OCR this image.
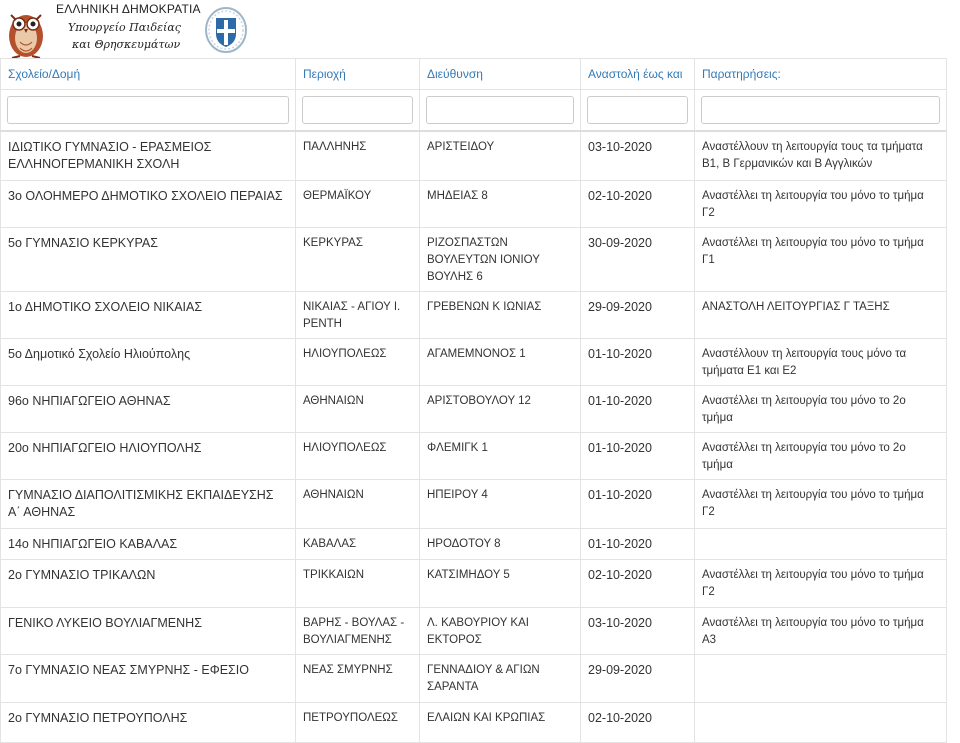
ΕΛΛΗΝΙΚΗ ΔΗΜΟΚΡΑΤΙΑ
Υπουργείο Παιδείας
και Θρησκευμάτων
Σχολείο/Δομή	Περιοχή	Διεύθυνση	Αναστολή έως και	Παρατηρήσεις:

ΙΔΙΩΤΙΚΟ ΓΥΜΝΑΣΙΟ - ΕΡΑΣΜΕΙΟΣ ΕΛΛΗΝΟΓΕΡΜΑΝΙΚΗ ΣΧΟΛΗ	ΠΑΛΛΗΝΗΣ	ΑΡΙΣΤΕΙΔΟΥ	03-10-2020	Αναστέλλουν τη λειτουργία τους τα τμήματα Β1, Β Γερμανικών και Β Αγγλικών
3ο ΟΛΟΗΜΕΡΟ ΔΗΜΟΤΙΚΟ ΣΧΟΛΕΙΟ ΠΕΡΑΙΑΣ	ΘΕΡΜΑΪΚΟΥ	ΜΗΔΕΙΑΣ 8	02-10-2020	Αναστέλλει τη λειτουργία του μόνο το τμήμα Γ2
5ο ΓΥΜΝΑΣΙΟ ΚΕΡΚΥΡΑΣ	ΚΕΡΚΥΡΑΣ	ΡΙΖΟΣΠΑΣΤΩΝ ΒΟΥΛΕΥΤΩΝ ΙΟΝΙΟΥ ΒΟΥΛΗΣ 6	30-09-2020	Αναστέλλει τη λειτουργία του μόνο το τμήμα Γ1
1ο ΔΗΜΟΤΙΚΟ ΣΧΟΛΕΙΟ ΝΙΚΑΙΑΣ	ΝΙΚΑΙΑΣ - ΑΓΙΟΥ Ι. ΡΕΝΤΗ	ΓΡΕΒΕΝΩΝ Κ ΙΩΝΙΑΣ	29-09-2020	ΑΝΑΣΤΟΛΗ ΛΕΙΤΟΥΡΓΙΑΣ Γ ΤΑΞΗΣ
5ο Δημοτικό Σχολείο Ηλιούπολης	ΗΛΙΟΥΠΟΛΕΩΣ	ΑΓΑΜΕΜΝΟΝΟΣ 1	01-10-2020	Αναστέλλουν τη λειτουργία τους μόνο τα τμήματα Ε1 και Ε2
96ο ΝΗΠΙΑΓΩΓΕΙΟ ΑΘΗΝΑΣ	ΑΘΗΝΑΙΩΝ	ΑΡΙΣΤΟΒΟΥΛΟΥ 12	01-10-2020	Αναστέλλει τη λειτουργία του μόνο το 2ο τμήμα
20ο ΝΗΠΙΑΓΩΓΕΙΟ ΗΛΙΟΥΠΟΛΗΣ	ΗΛΙΟΥΠΟΛΕΩΣ	ΦΛΕΜΙΓΚ 1	01-10-2020	Αναστέλλει τη λειτουργία του μόνο το 2ο τμήμα
ΓΥΜΝΑΣΙΟ ΔΙΑΠΟΛΙΤΙΣΜΙΚΗΣ ΕΚΠΑΙΔΕΥΣΗΣ Α΄ ΑΘΗΝΑΣ	ΑΘΗΝΑΙΩΝ	ΗΠΕΙΡΟΥ 4	01-10-2020	Αναστέλλει τη λειτουργία του μόνο το τμήμα Γ2
14ο ΝΗΠΙΑΓΩΓΕΙΟ ΚΑΒΑΛΑΣ	ΚΑΒΑΛΑΣ	ΗΡΟΔΟΤΟΥ 8	01-10-2020	
2ο ΓΥΜΝΑΣΙΟ ΤΡΙΚΑΛΩΝ	ΤΡΙΚΚΑΙΩΝ	ΚΑΤΣΙΜΗΔΟΥ 5	02-10-2020	Αναστέλλει τη λειτουργία του μόνο το τμήμα Γ2
ΓΕΝΙΚΟ ΛΥΚΕΙΟ ΒΟΥΛΙΑΓΜΕΝΗΣ	ΒΑΡΗΣ - ΒΟΥΛΑΣ - ΒΟΥΛΙΑΓΜΕΝΗΣ	Λ. ΚΑΒΟΥΡΙΟΥ ΚΑΙ ΕΚΤΟΡΟΣ	03-10-2020	Αναστέλλει τη λειτουργία του μόνο το τμήμα Α3
7ο ΓΥΜΝΑΣΙΟ ΝΕΑΣ ΣΜΥΡΝΗΣ - ΕΦΕΣΙΟ	ΝΕΑΣ ΣΜΥΡΝΗΣ	ΓΕΝΝΑΔΙΟΥ & ΑΓΙΩΝ ΣΑΡΑΝΤΑ	29-09-2020	
2ο ΓΥΜΝΑΣΙΟ ΠΕΤΡΟΥΠΟΛΗΣ	ΠΕΤΡΟΥΠΟΛΕΩΣ	ΕΛΑΙΩΝ ΚΑΙ ΚΡΩΠΙΑΣ	02-10-2020	
